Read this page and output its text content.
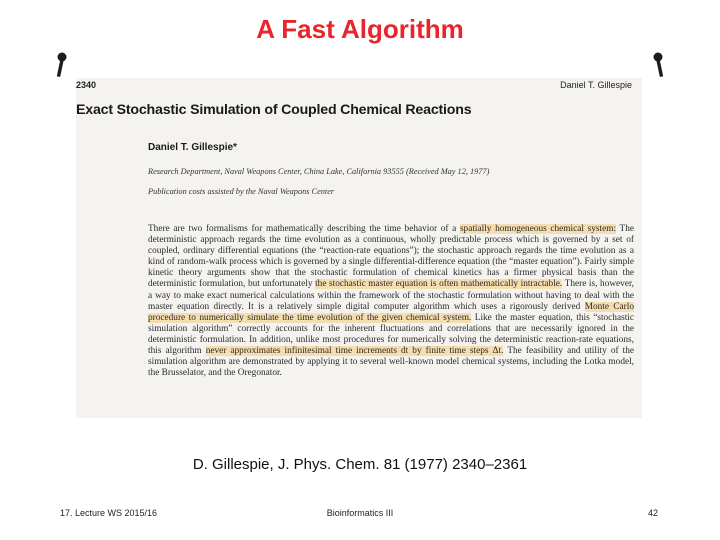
A Fast Algorithm
2340	Daniel T. Gillespie
Exact Stochastic Simulation of Coupled Chemical Reactions
Daniel T. Gillespie*
Research Department, Naval Weapons Center, China Lake, California 93555 (Received May 12, 1977)
Publication costs assisted by the Naval Weapons Center
There are two formalisms for mathematically describing the time behavior of a spatially homogeneous chemical system: The deterministic approach regards the time evolution as a continuous, wholly predictable process which is governed by a set of coupled, ordinary differential equations (the “reaction-rate equations”); the stochastic approach regards the time evolution as a kind of random-walk process which is governed by a single differential-difference equation (the “master equation”). Fairly simple kinetic theory arguments show that the stochastic formulation of chemical kinetics has a firmer physical basis than the deterministic formulation, but unfortunately the stochastic master equation is often mathematically intractable. There is, however, a way to make exact numerical calculations within the framework of the stochastic formulation without having to deal with the master equation directly. It is a relatively simple digital computer algorithm which uses a rigorously derived Monte Carlo procedure to numerically simulate the time evolution of the given chemical system. Like the master equation, this “stochastic simulation algorithm” correctly accounts for the inherent fluctuations and correlations that are necessarily ignored in the deterministic formulation. In addition, unlike most procedures for numerically solving the deterministic reaction-rate equations, this algorithm never approximates infinitesimal time increments dt by finite time steps Δt. The feasibility and utility of the simulation algorithm are demonstrated by applying it to several well-known model chemical systems, including the Lotka model, the Brusselator, and the Oregonator.
D. Gillespie, J. Phys. Chem. 81 (1977) 2340–2361
17. Lecture WS 2015/16	Bioinformatics III	42
